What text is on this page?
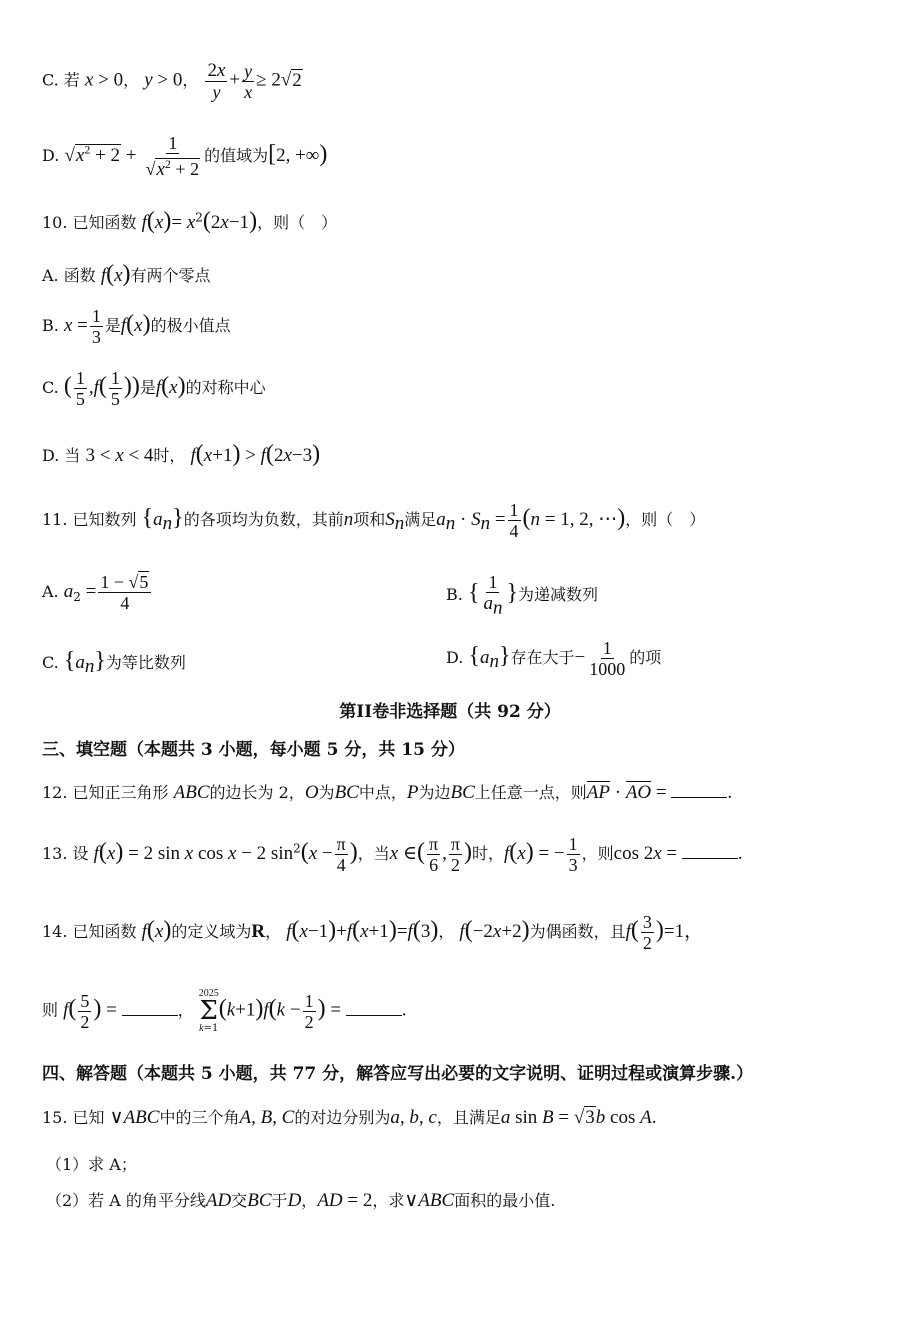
C. 若 x > 0， y > 0， $\frac{2x}{y} + \frac{y}{x} \ge 2√2$
D. $√x^2 + 2 + \frac{1}{√x^2 + 2}$ 的值域为[2, +∞)
10. 已知函数 $f(x)= x^2(2x-1)$，则（　）
A. 函数 f(x)有两个零点
B. $x = \frac{1}{3}$ 是f(x)的极小值点
C. ( $\frac{1}{5} ,f( \frac{1}{5}$ ))是f(x)的对称中心
D. 当 3 < x < 4时， f(x+1) > f(2x−3)
11. 已知数列 $\{a_n\}$的各项均为负数，其前n项和$S_n$满足$a_n \cdot S_n = \frac{1}{4} (n = 1$, 2, ⋯)，则（　）
A. $a_2 = \frac{1 - √5}{4}$	B. { $\frac{1}{a_n}$ }为递减数列
C. $\{a_n\}$为等比数列	D. $\{a_n\}$存在大于− $\frac{1}{1000}$ 的项
第II卷非选择题（共 92 分）
三、填空题（本题共 3 小题，每小题 5 分，共 15 分）
12. 已知正三角形 ABC的边长为 2，O为BC中点，P为边BC上任意一点，则AP · AO =	.
13. 设 f(x) = 2 sin x cos x − 2 $\sin^2(x - \frac{\pi}{4}$ )，当x ∈( $\frac{\pi}{6}$ , $\frac{\pi}{2}$ )时，f(x) = − $\frac{1}{3}$ ，则cos 2x =	.
14. 已知函数 f(x)的定义域为R， f(x−1)+f(x+1)=f(3)， f(−2x+2)为偶函数，且$f( \frac{3}{2} )=1$，
则 $f( \frac{5}{2}$ ) =	，
2025
Σ
k=1
$(k+1)f(k - \frac{1}{2}$ ) =	.
四、解答题（本题共 5 小题，共 77 分，解答应写出必要的文字说明、证明过程或演算步骤.）
15. 已知 ∨ABC中的三个角A, B, C的对边分别为a, b, c，且满足a sin B = √3b cos A.
（1）求 A；
（2）若 A 的角平分线AD交BC于D，AD = 2，求∨ABC面积的最小值.
